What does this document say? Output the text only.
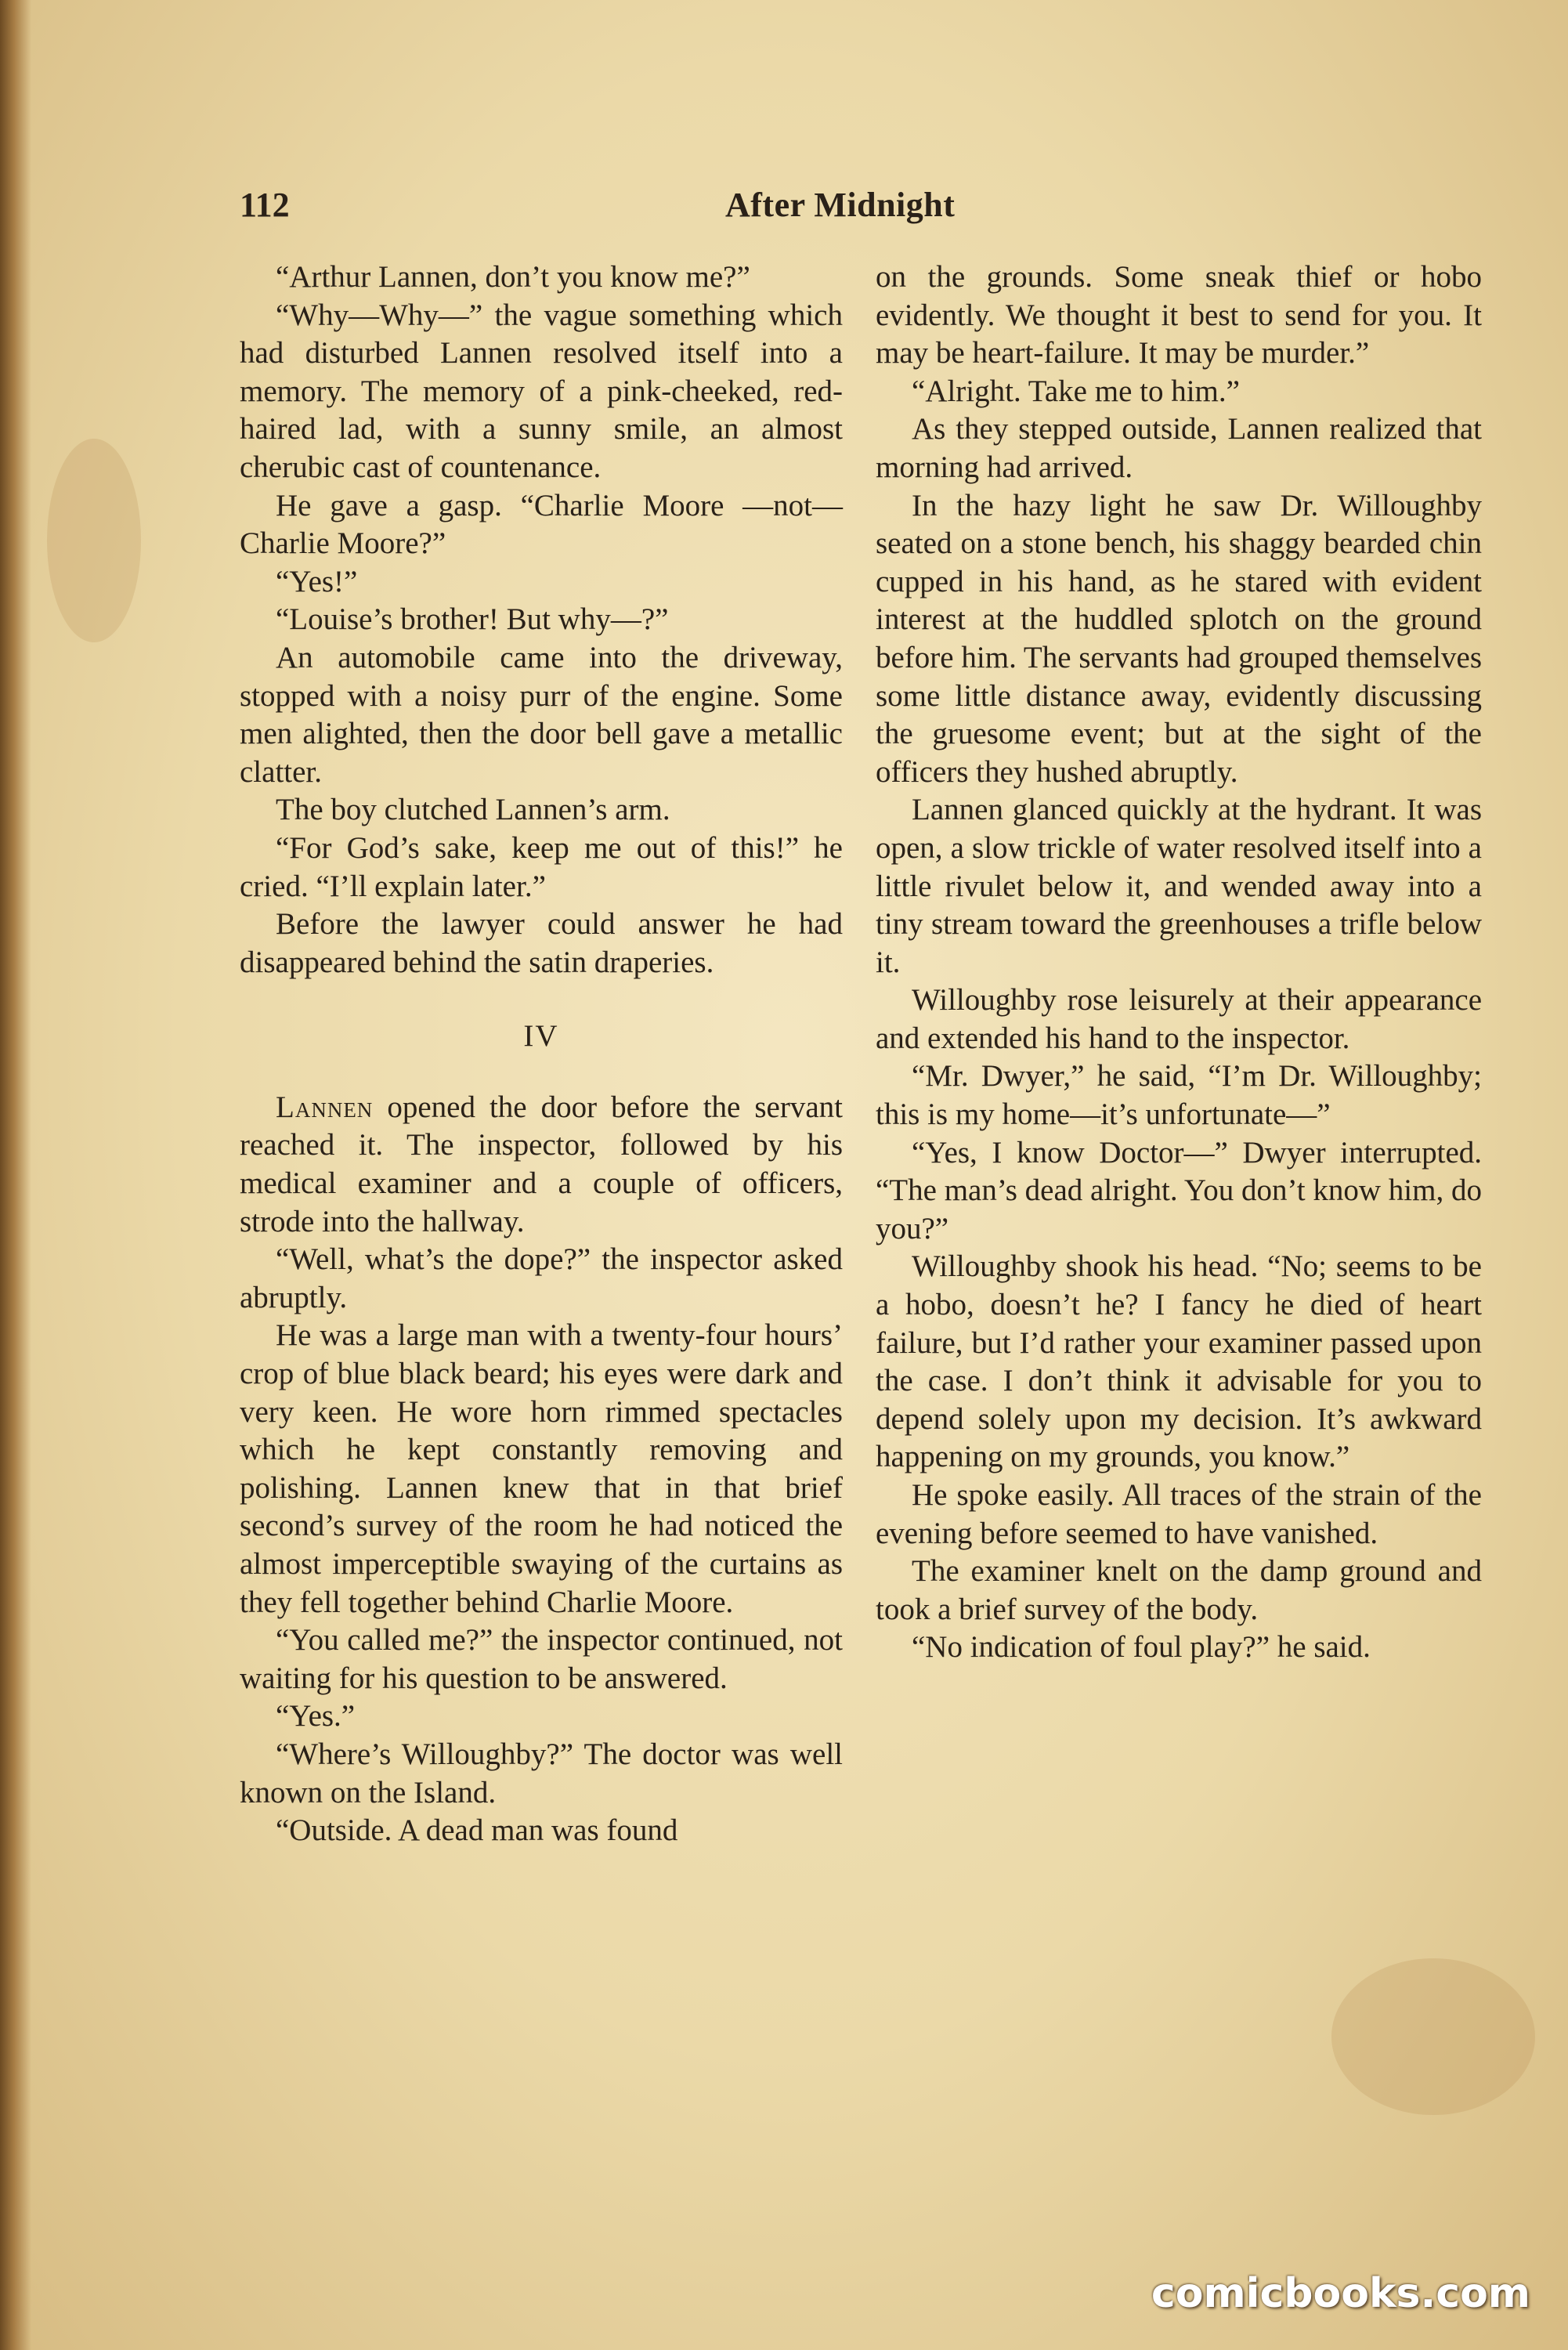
112	After Midnight

“Arthur Lannen, don’t you know me?”

“Why—Why—” the vague something which had disturbed Lannen resolved itself into a memory. The memory of a pink-cheeked, red-haired lad, with a sunny smile, an almost cherubic cast of countenance.

He gave a gasp. “Charlie Moore —not—Charlie Moore?”

“Yes!”

“Louise’s brother! But why—?”

An automobile came into the driveway, stopped with a noisy purr of the engine. Some men alighted, then the door bell gave a metallic clatter.

The boy clutched Lannen’s arm.

“For God’s sake, keep me out of this!” he cried. “I’ll explain later.”

Before the lawyer could answer he had disappeared behind the satin draperies.

IV

Lannen opened the door before the servant reached it. The inspector, followed by his medical examiner and a couple of officers, strode into the hallway.

“Well, what’s the dope?” the inspector asked abruptly.

He was a large man with a twenty-four hours’ crop of blue black beard; his eyes were dark and very keen. He wore horn rimmed spectacles which he kept constantly removing and polishing. Lannen knew that in that brief second’s survey of the room he had noticed the almost imperceptible swaying of the curtains as they fell together behind Charlie Moore.

“You called me?” the inspector continued, not waiting for his question to be answered.

“Yes.”

“Where’s Willoughby?” The doctor was well known on the Island.

“Outside. A dead man was found

on the grounds. Some sneak thief or hobo evidently. We thought it best to send for you. It may be heart-failure. It may be murder.”

“Alright. Take me to him.”

As they stepped outside, Lannen realized that morning had arrived.

In the hazy light he saw Dr. Willoughby seated on a stone bench, his shaggy bearded chin cupped in his hand, as he stared with evident interest at the huddled splotch on the ground before him. The servants had grouped themselves some little distance away, evidently discussing the gruesome event; but at the sight of the officers they hushed abruptly.

Lannen glanced quickly at the hydrant. It was open, a slow trickle of water resolved itself into a little rivulet below it, and wended away into a tiny stream toward the greenhouses a trifle below it.

Willoughby rose leisurely at their appearance and extended his hand to the inspector.

“Mr. Dwyer,” he said, “I’m Dr. Willoughby; this is my home—it’s unfortunate—”

“Yes, I know Doctor—” Dwyer interrupted. “The man’s dead alright. You don’t know him, do you?”

Willoughby shook his head. “No; seems to be a hobo, doesn’t he? I fancy he died of heart failure, but I’d rather your examiner passed upon the case. I don’t think it advisable for you to depend solely upon my decision. It’s awkward happening on my grounds, you know.”

He spoke easily. All traces of the strain of the evening before seemed to have vanished.

The examiner knelt on the damp ground and took a brief survey of the body.

“No indication of foul play?” he said.

comicbooks.com
